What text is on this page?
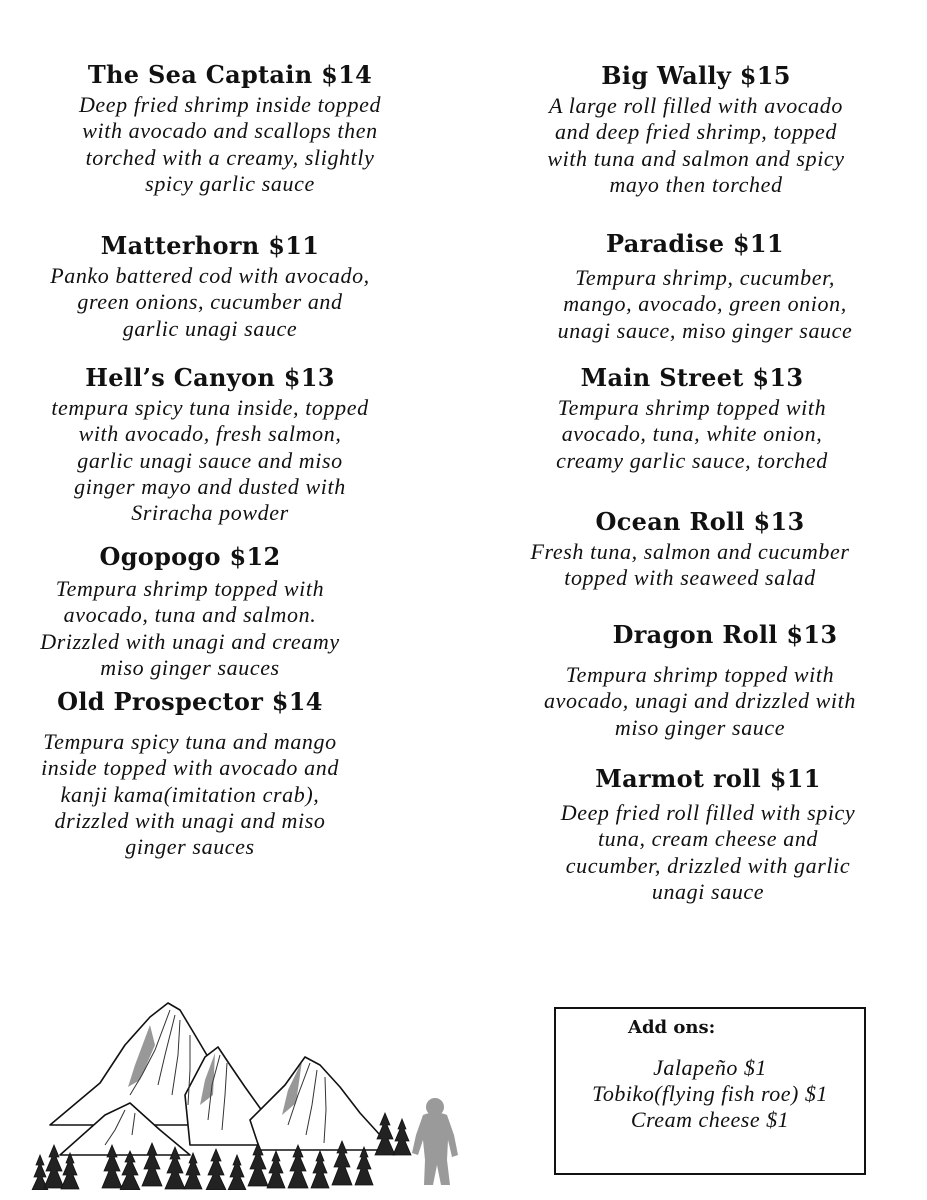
The Sea Captain $14
Deep fried shrimp inside topped
with avocado and scallops then
torched with a creamy, slightly
spicy garlic sauce
Matterhorn $11
Panko battered cod with avocado,
green onions, cucumber and
garlic unagi sauce
Hell’s Canyon $13
tempura spicy tuna inside, topped
with avocado, fresh salmon,
garlic unagi sauce and miso
ginger mayo and dusted with
Sriracha powder
Ogopogo $12
Tempura shrimp topped with
avocado, tuna and salmon.
Drizzled with unagi and creamy
miso ginger sauces
Old Prospector $14
Tempura spicy tuna and mango
inside topped with avocado and
kanji kama(imitation crab),
drizzled with unagi and miso
ginger sauces
Big Wally $15
A large roll filled with avocado
and deep fried shrimp, topped
with tuna and salmon and spicy
mayo then torched
Paradise $11
Tempura shrimp, cucumber,
mango, avocado, green onion,
unagi sauce, miso ginger sauce
Main Street $13
Tempura shrimp topped with
avocado, tuna, white onion,
creamy garlic sauce, torched
Ocean Roll $13
Fresh tuna, salmon and cucumber
topped with seaweed salad
Dragon Roll $13
Tempura shrimp topped with
avocado, unagi and drizzled with
miso ginger sauce
Marmot roll $11
Deep fried roll filled with spicy
tuna, cream cheese and
cucumber, drizzled with garlic
unagi sauce
Add ons:
Jalapeño $1
Tobiko(flying fish roe) $1
Cream cheese $1
